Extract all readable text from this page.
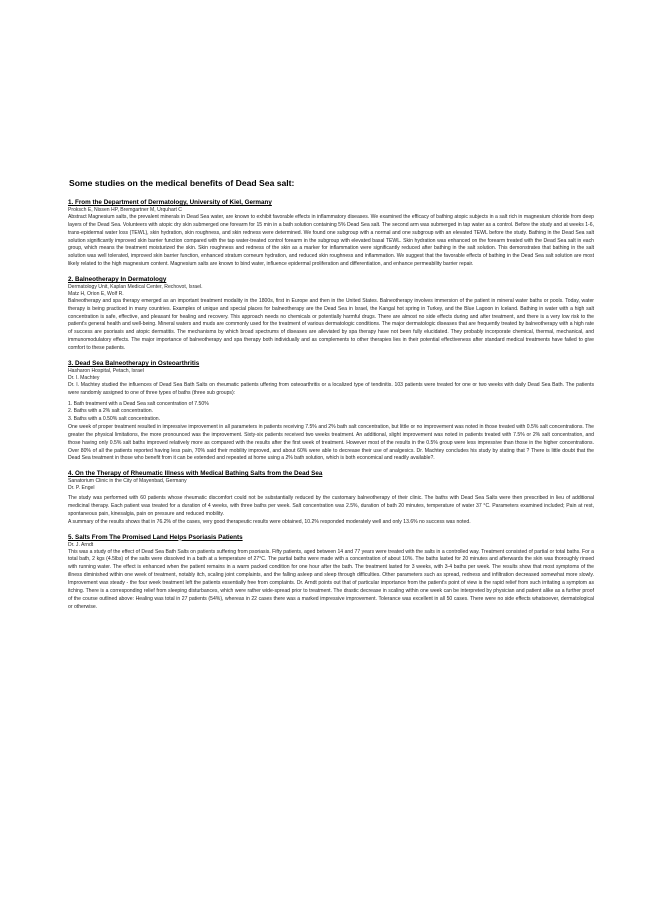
Some studies on the medical benefits of Dead Sea salt:
1. From the Department of Dermatology, University of Kiel, Germany
Proksch E, Nissen HP, Bremgartner M, Urquhart C

Abstract Magnesium salts, the prevalent minerals in Dead Sea water, are known to exhibit favorable effects in inflammatory diseases. We examined the efficacy of bathing atopic subjects in a salt rich in magnesium chloride from deep layers of the Dead Sea. Volunteers with atopic dry skin submerged one forearm for 15 min in a bath solution containing 5% Dead Sea salt. The second arm was submerged in tap water as a control. Before the study and at weeks 1-6, trans-epidermal water loss (TEWL), skin hydration, skin roughness, and skin redness were determined. We found one subgroup with a normal and one subgroup with an elevated TEWL before the study. Bathing in the Dead Sea salt solution significantly improved skin barrier function compared with the tap water-treated control forearm in the subgroup with elevated basal TEWL. Skin hydration was enhanced on the forearm treated with the Dead Sea salt in each group, which means the treatment moisturized the skin. Skin roughness and redness of the skin as a marker for inflammation were significantly reduced after bathing in the salt solution. This demonstrates that bathing in the salt solution was well tolerated, improved skin barrier function, enhanced stratum corneum hydration, and reduced skin roughness and inflammation. We suggest that the favorable effects of bathing in the Dead Sea salt solution are most likely related to the high magnesium content. Magnesium salts are known to bind water, influence epidermal proliferation and differentiation, and enhance permeability barrier repair.

2. Balneotherapy In Dermatology
Dermatology Unit, Kaplan Medical Center, Rechovot, Israel.
Matz H, Orion E, Wolf R.

Balneotherapy and spa therapy emerged as an important treatment modality in the 1800s, first in Europe and then in the United States. Balneotherapy involves immersion of the patient in mineral water baths or pools. Today, water therapy is being practiced in many countries. Examples of unique and special places for balneotherapy are the Dead Sea in Israel, the Kangal hot spring in Turkey, and the Blue Lagoon in Iceland. Bathing in water with a high salt concentration is safe, effective, and pleasant for healing and recovery. This approach needs no chemicals or potentially harmful drugs. There are almost no side effects during and after treatment, and there is a very low risk to the patient's general health and well-being. Mineral waters and muds are commonly used for the treatment of various dermatologic conditions. The major dermatologic diseases that are frequently treated by balneotherapy with a high rate of success are psoriasis and atopic dermatitis. The mechanisms by which broad spectrums of diseases are alleviated by spa therapy have not been fully elucidated. They probably incorporate chemical, thermal, mechanical, and immunomodulatory effects. The major importance of balneotherapy and spa therapy both individually and as complements to other therapies lies in their potential effectiveness after standard medical treatments have failed to give comfort to these patients.

3. Dead Sea Balneotherapy in Osteoarthritis
Hasharon Hospital, Petach, Israel
Dr. I. Machtey

Dr. I. Machtey studied the influences of Dead Sea Bath Salts on rheumatic patients uffering from osteoarthritis or a localized type of tendinitis. 103 patients were treated for one or two weeks with daily Dead Sea Bath. The patients were randomly assigned to one of three types of baths (three sub groups):

1. Bath treatment with a Dead Sea salt concentration of 7.50%
2. Baths with a 2% salt concentration.
3. Baths with a 0.50% salt concentration.

One week of proper treatment resulted in impressive improvement in all parameters in patients receiving 7.5% and 2% bath salt concentration, but little or no improvement was noted in those treated with 0.5% salt concentrations. The greater the physical limitations, the more pronounced was the improvement. Sixty-six patients received two weeks treatment. An additional, slight improvement was noted in patients treated with 7.5% or 2% salt concentration, and those having only 0.5% salt baths improved relatively more as compared with the results after the first week of treatment. However most of the results in the 0.5% group were less impressive than those in the higher concentrations. Over 80% of all the patients reported having less pain, 70% said their mobility improved, and about 60% were able to decrease their use of analgesics. Dr. Machtey concludes his study by stating that ? There is little doubt that the Dead Sea treatment in those who benefit from it can be extended and repeated at home using a 2% bath solution, which is both economical and readily available?.

4. On the Therapy of Rheumatic Illness with Medical Bathing Salts from the Dead Sea
Sanatorium Clinic in the City of Mayenbad, Germany
Dr. P. Engel

The study was performed with 60 patients whose rheumatic discomfort could not be substantially reduced by the customary balneotherapy of their clinic. The baths with Dead Sea Salts were then prescribed in lieu of additional medicinal therapy. Each patient was treated for a duration of 4 weeks, with three baths per week. Salt concentration was 2.5%, duration of bath 20 minutes, temperature of water 37 °C. Parameters examined included; Pain at rest, spontaneous pain, kinesalgia, pain on pressure and reduced mobility.

A summary of the results shows that in 76.2% of the cases, very good therapeutic results were obtained, 10.2% responded moderately well and only 13.6% no success was noted.

5. Salts From The Promised Land Helps Psoriasis Patients
Dr. J. Arndt

This was a study of the effect of Dead Sea Bath Salts on patients suffering from psoriasis. Fifty patients, aged between 14 and 77 years were treated with the salts in a controlled way. Treatment consisted of partial or total baths. For a total bath, 2 kgs (4.5lbs) of the salts were dissolved in a bath at a temperature of 27°C. The partial baths were made with a concentration of about 10%. The baths lasted for 20 minutes and afterwards the skin was thoroughly rinsed with running water. The effect is enhanced when the patient remains in a warm packed condition for one hour after the bath. The treatment lasted for 3 weeks, with 3-4 baths per week. The results show that most symptoms of the illness diminished within one week of treatment, notably itch, scaling joint complaints, and the falling asleep and sleep through difficulties. Other parameters such as spread, redness and infiltration decreased somewhat more slowly. Improvement was steady - the four week treatment left the patients essentially free from complaints. Dr. Arndt points out that of particular importance from the patient's point of view is the rapid relief from such irritating a symptom as itching. There is a corresponding relief from sleeping disturbances, which were rather wide-spread prior to treatment. The drastic decrease in scaling within one week can be interpreted by physician and patient alike as a further proof of the course outlined above: Healing was total in 27 patients (54%), whereas in 22 cases there was a marked impressive improvement. Tolerance was excellent in all 50 cases. There were no side effects whatsoever, dermatological or otherwise.
